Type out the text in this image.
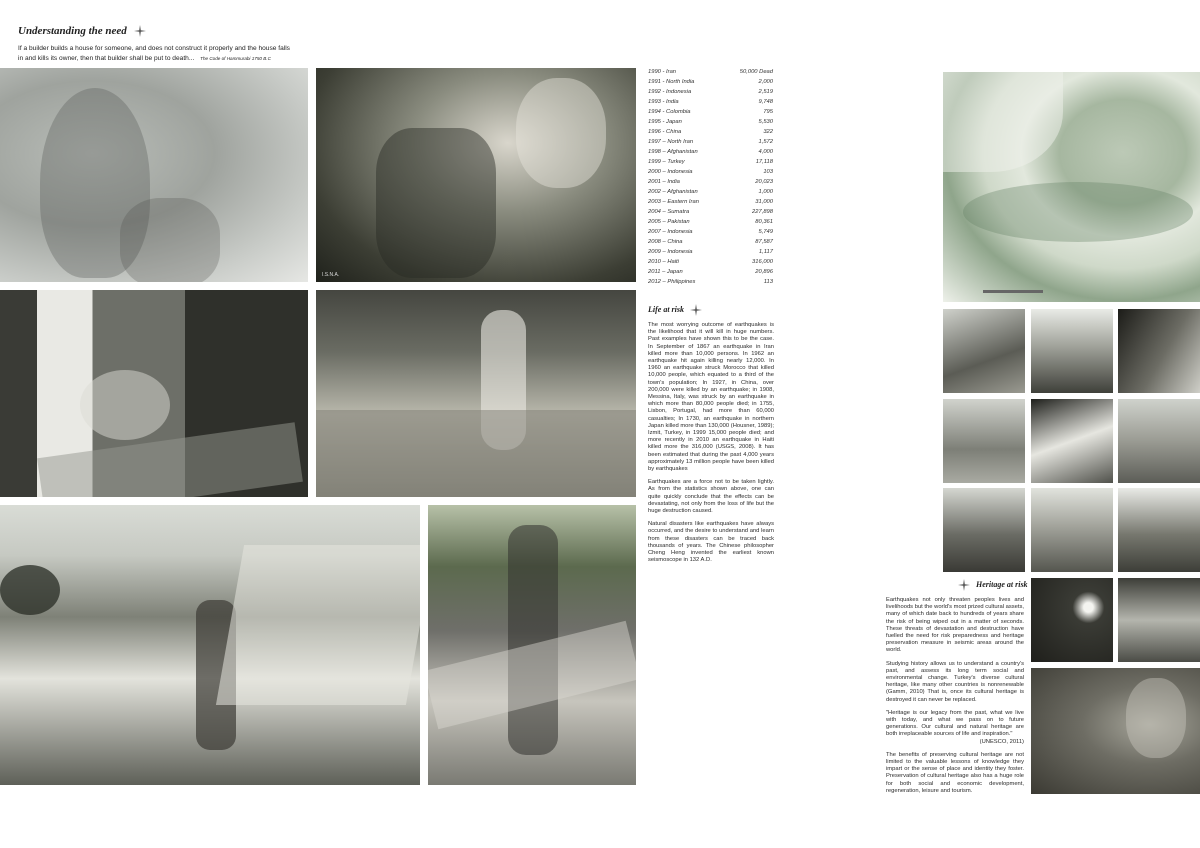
Understanding the need
If a builder builds a house for someone, and does not construct it properly and the house falls
in and kills its owner, then that builder shall be put to death... The Code of Hammurabi 1750 B.C
I.S.N.A.
1990 - Iran	50,000 Dead
1991 - North India	2,000
1992 - Indonesia	2,519
1993 - India	9,748
1994 - Colombia	795
1995 - Japan	5,530
1996 - China	322
1997 – North Iran	1,572
1998 – Afghanistan	4,000
1999 – Turkey	17,118
2000 – Indonesia	103
2001 – India	20,023
2002 – Afghanistan	1,000
2003 – Eastern Iran	31,000
2004 – Sumatra	227,898
2005 – Pakistan	80,361
2007 – Indonesia	5,749
2008 – China	87,587
2009 – Indonesia	1,117
2010 – Haiti	316,000
2011 – Japan	20,896
2012 – Philippines	113
Life at risk

The most worrying outcome of earthquakes is the likelihood that it will kill in huge numbers. Past examples have shown this to be the case. In September of 1867 an earthquake in Iran killed more than 10,000 persons. In 1962 an earthquake hit again killing nearly 12,000. In 1960 an earthquake struck Morocco that killed 10,000 people, which equated to a third of the town's population; In 1927, in China, over 200,000 were killed by an earthquake; in 1908, Messina, Italy, was struck by an earthquake in which more than 80,000 people died; in 1755, Lisbon, Portugal, had more than 60,000 casualties; In 1730, an earthquake in northern Japan killed more than 130,000 (Housner, 1989); Izmit, Turkey, in 1999 15,000 people died; and more recently in 2010 an earthquake in Haiti killed more the 316,000 (USGS, 2008). It has been estimated that during the past 4,000 years approximately 13 million people have been killed by earthquakes

Earthquakes are a force not to be taken lightly. As from the statistics shown above, one can quite quickly conclude that the effects can be devastating, not only from the loss of life but the huge destruction caused.

Natural disasters like earthquakes have always occurred, and the desire to understand and learn from these disasters can be traced back thousands of years. The Chinese philosopher Cheng Heng invented the earliest known seismoscope in 132 A.D.

Heritage at risk

Earthquakes not only threaten peoples lives and livelihoods but the world's most prized cultural assets, many of which date back to hundreds of years share the risk of being wiped out in a matter of seconds. These threats of devastation and destruction have fuelled the need for risk preparedness and heritage preservation measure in seismic areas around the world.

Studying history allows us to understand a country's past, and assess its long term social and environmental change. Turkey's diverse cultural heritage, like many other countries is nonrenewable (Gamm, 2010) That is, once its cultural heritage is destroyed it can never be replaced.

"Heritage is our legacy from the past, what we live with today, and what we pass on to future generations. Our cultural and natural heritage are both irreplaceable sources of life and inspiration."

(UNESCO, 2011)

The benefits of preserving cultural heritage are not limited to the valuable lessons of knowledge they impart or the sense of place and identity they foster. Preservation of cultural heritage also has a huge role for both social and economic development, regeneration, leisure and tourism.
